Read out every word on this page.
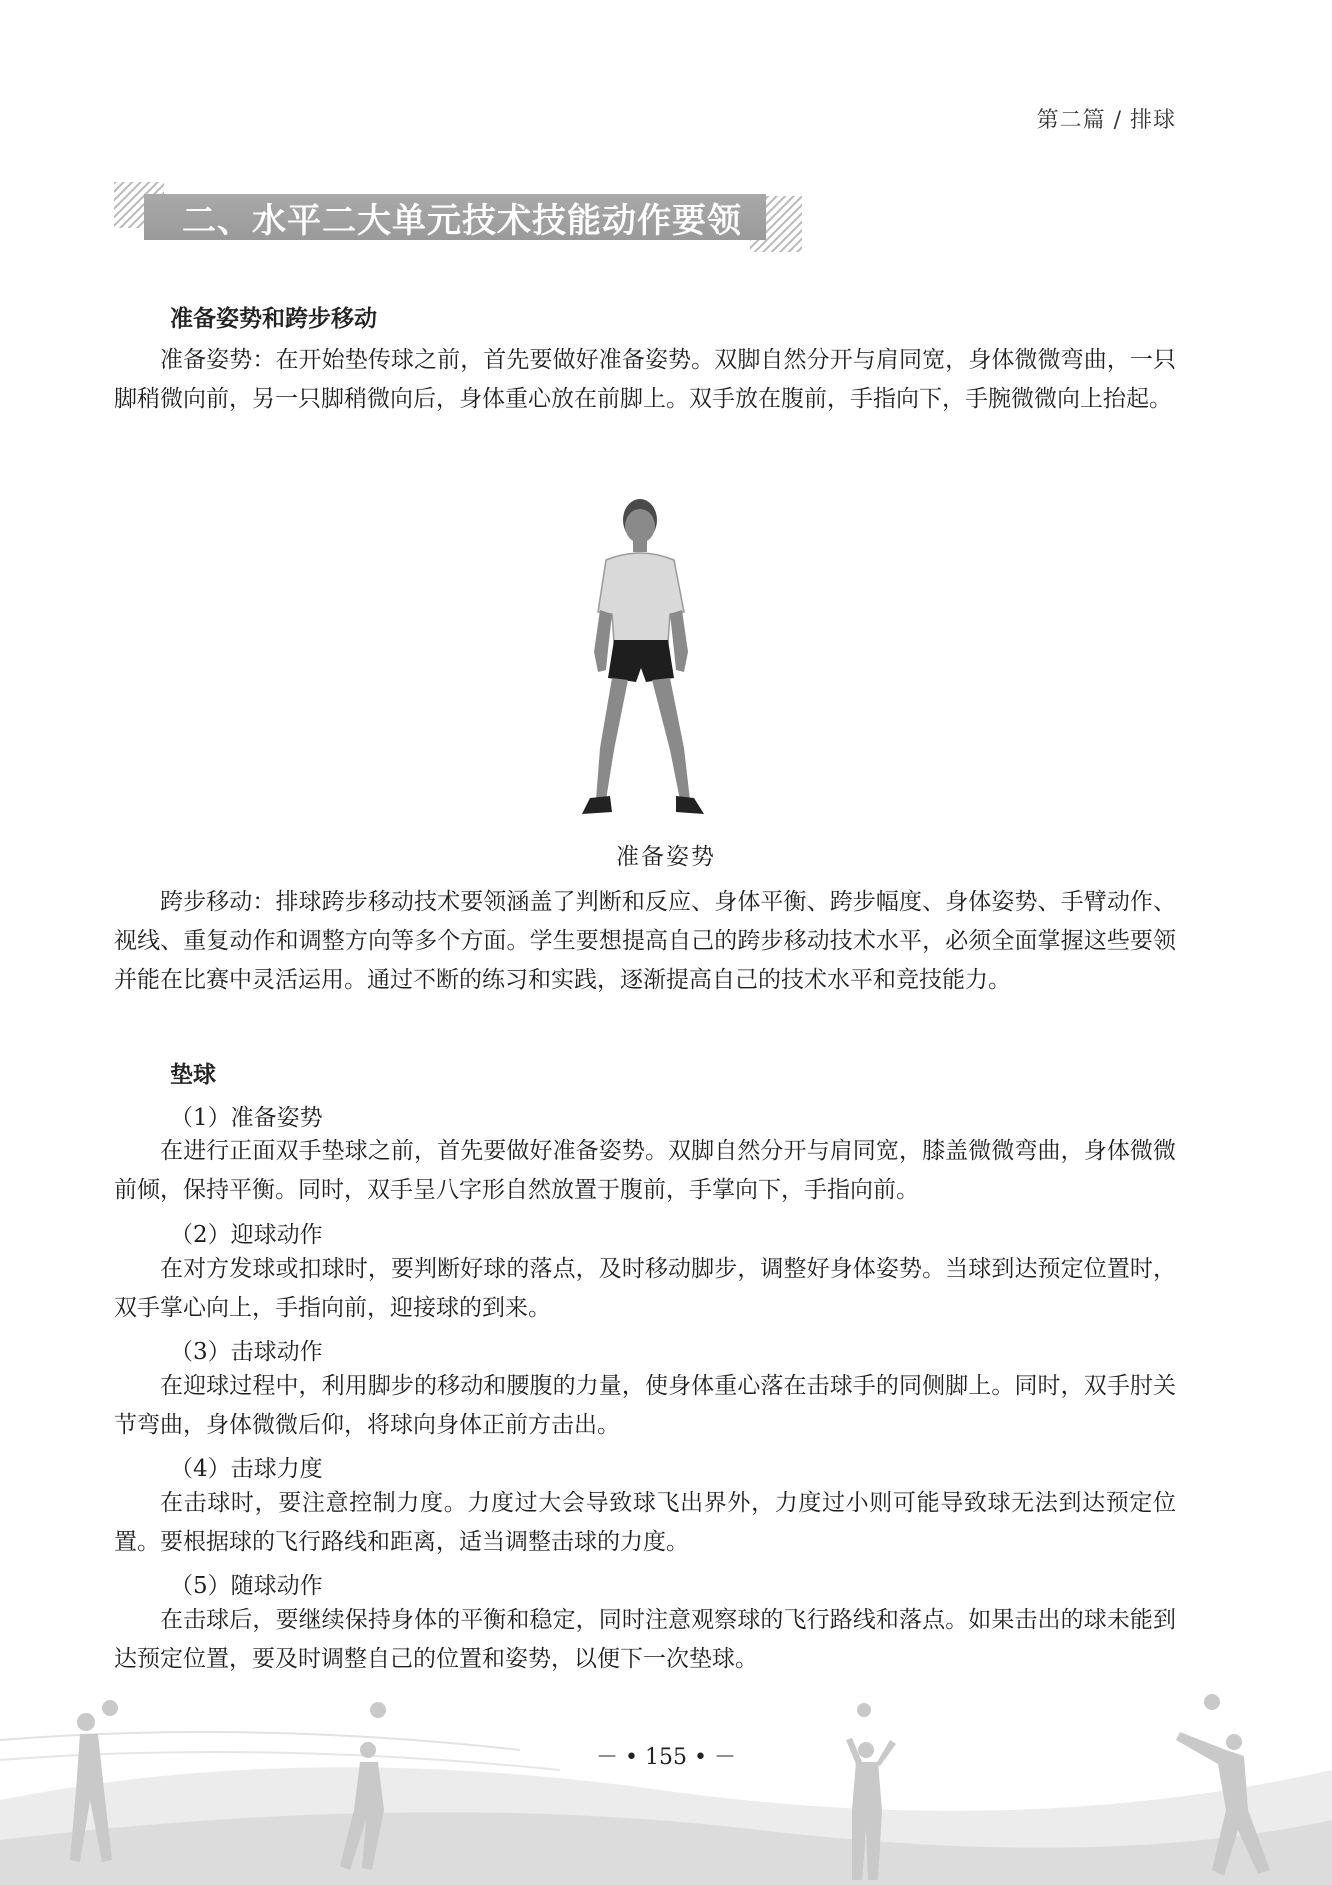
第二篇 / 排球
二、水平二大单元技术技能动作要领
准备姿势和跨步移动

准备姿势：在开始垫传球之前，首先要做好准备姿势。双脚自然分开与肩同宽，身体微微弯曲，一只脚稍微向前，另一只脚稍微向后，身体重心放在前脚上。双手放在腹前，手指向下，手腕微微向上抬起。

准备姿势

跨步移动：排球跨步移动技术要领涵盖了判断和反应、身体平衡、跨步幅度、身体姿势、手臂动作、视线、重复动作和调整方向等多个方面。学生要想提高自己的跨步移动技术水平，必须全面掌握这些要领并能在比赛中灵活运用。通过不断的练习和实践，逐渐提高自己的技术水平和竞技能力。

垫球
（1）准备姿势

在进行正面双手垫球之前，首先要做好准备姿势。双脚自然分开与肩同宽，膝盖微微弯曲，身体微微前倾，保持平衡。同时，双手呈八字形自然放置于腹前，手掌向下，手指向前。

（2）迎球动作

在对方发球或扣球时，要判断好球的落点，及时移动脚步，调整好身体姿势。当球到达预定位置时，双手掌心向上，手指向前，迎接球的到来。

（3）击球动作

在迎球过程中，利用脚步的移动和腰腹的力量，使身体重心落在击球手的同侧脚上。同时，双手肘关节弯曲，身体微微后仰，将球向身体正前方击出。

（4）击球力度

在击球时，要注意控制力度。力度过大会导致球飞出界外，力度过小则可能导致球无法到达预定位置。要根据球的飞行路线和距离，适当调整击球的力度。

（5）随球动作

在击球后，要继续保持身体的平衡和稳定，同时注意观察球的飞行路线和落点。如果击出的球未能到达预定位置，要及时调整自己的位置和姿势，以便下一次垫球。

－ • 155 • －
